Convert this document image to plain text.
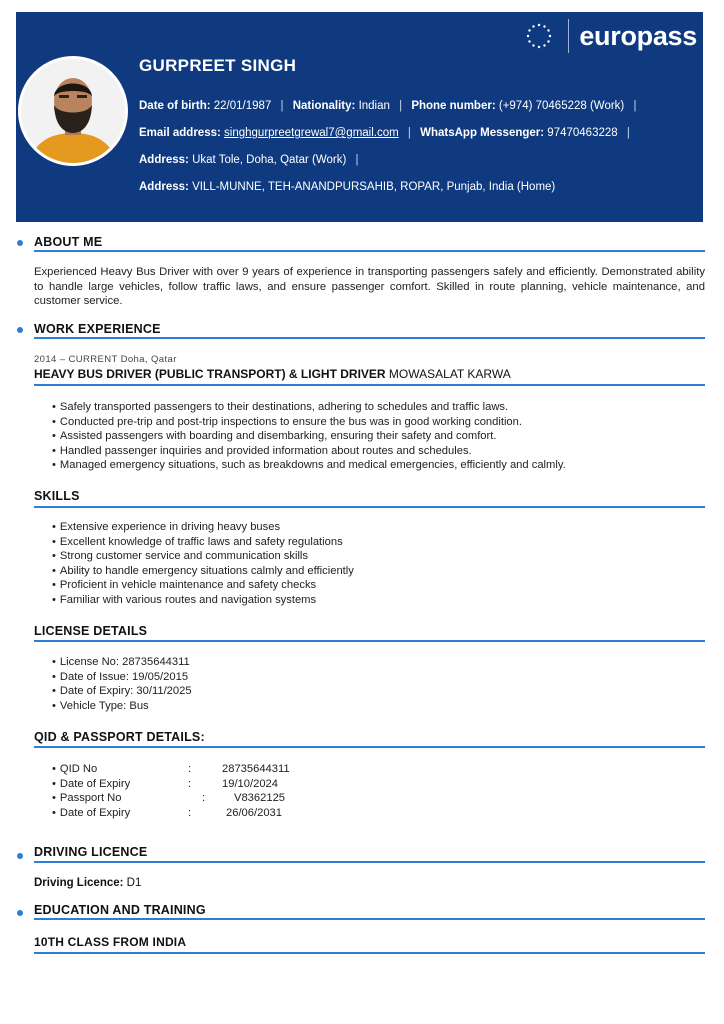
europass
GURPREET SINGH
Date of birth: 22/01/1987 | Nationality: Indian | Phone number: (+974) 70465228 (Work) |
Email address: singhgurpreetgrewal7@gmail.com | WhatsApp Messenger: 97470463228 |
Address: Ukat Tole, Doha, Qatar (Work) |
Address: VILL-MUNNE, TEH-ANANDPURSAHIB, ROPAR, Punjab, India (Home)
ABOUT ME
Experienced Heavy Bus Driver with over 9 years of experience in transporting passengers safely and efficiently. Demonstrated ability to handle large vehicles, follow traffic laws, and ensure passenger comfort. Skilled in route planning, vehicle maintenance, and customer service.
WORK EXPERIENCE
2014 – CURRENT Doha, Qatar
HEAVY BUS DRIVER (PUBLIC TRANSPORT) & LIGHT DRIVER MOWASALAT KARWA
• Safely transported passengers to their destinations, adhering to schedules and traffic laws.
• Conducted pre-trip and post-trip inspections to ensure the bus was in good working condition.
• Assisted passengers with boarding and disembarking, ensuring their safety and comfort.
• Handled passenger inquiries and provided information about routes and schedules.
• Managed emergency situations, such as breakdowns and medical emergencies, efficiently and calmly.
SKILLS
• Extensive experience in driving heavy buses
• Excellent knowledge of traffic laws and safety regulations
• Strong customer service and communication skills
• Ability to handle emergency situations calmly and efficiently
• Proficient in vehicle maintenance and safety checks
• Familiar with various routes and navigation systems
LICENSE DETAILS
• License No: 28735644311
• Date of Issue: 19/05/2015
• Date of Expiry: 30/11/2025
• Vehicle Type: Bus
QID & PASSPORT DETAILS:
• QID No	:	28735644311
• Date of Expiry	:	19/10/2024
• Passport No	:	V8362125
• Date of Expiry	:	26/06/2031
DRIVING LICENCE
Driving Licence: D1
EDUCATION AND TRAINING
10TH CLASS FROM INDIA
